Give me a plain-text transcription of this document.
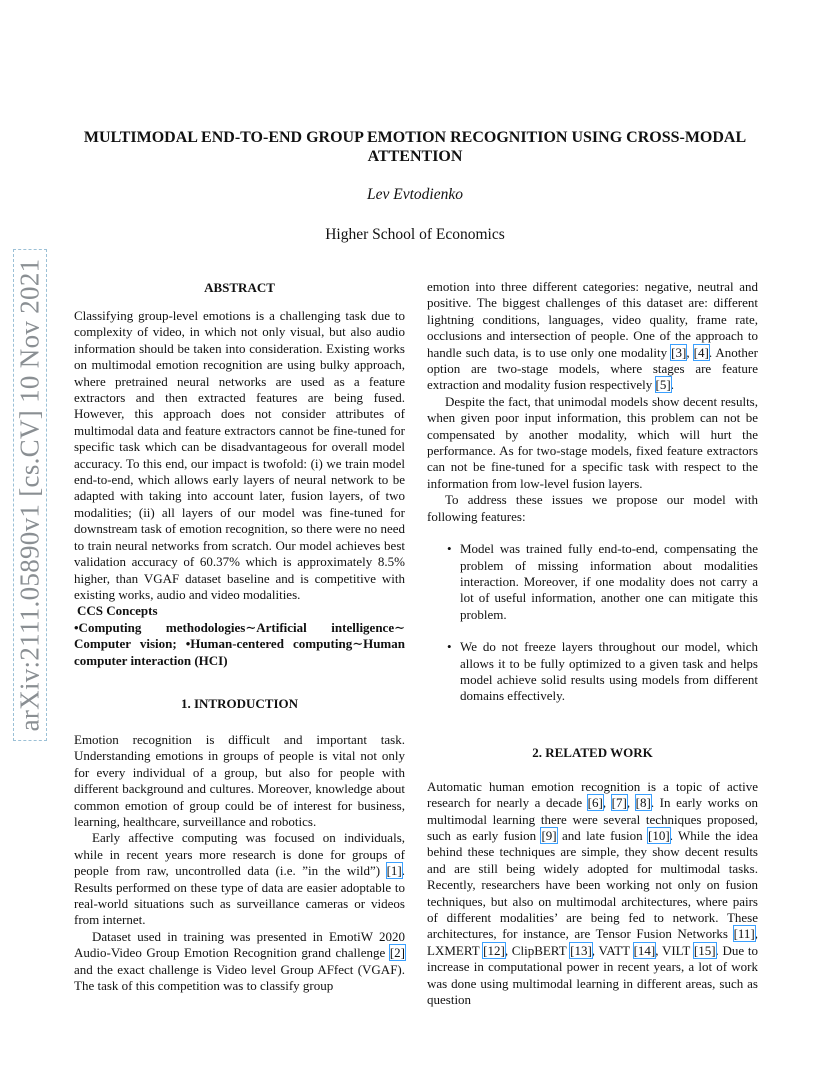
arXiv:2111.05890v1 [cs.CV] 10 Nov 2021
MULTIMODAL END-TO-END GROUP EMOTION RECOGNITION USING CROSS-MODAL ATTENTION
Lev Evtodienko
Higher School of Economics
ABSTRACT

Classifying group-level emotions is a challenging task due to complexity of video, in which not only visual, but also audio information should be taken into consideration. Existing works on multimodal emotion recognition are using bulky approach, where pretrained neural networks are used as a feature extractors and then extracted features are being fused. However, this approach does not consider attributes of multimodal data and feature extractors cannot be fine-tuned for specific task which can be disadvantageous for overall model accuracy. To this end, our impact is twofold: (i) we train model end-to-end, which allows early layers of neural network to be adapted with taking into account later, fusion layers, of two modalities; (ii) all layers of our model was fine-tuned for downstream task of emotion recognition, so there were no need to train neural networks from scratch. Our model achieves best validation accuracy of 60.37% which is approximately 8.5% higher, than VGAF dataset baseline and is competitive with existing works, audio and video modalities.

CCS Concepts

•Computing methodologies∼Artificial intelligence∼ Computer vision; •Human-centered computing∼Human computer interaction (HCI)

1. INTRODUCTION

Emotion recognition is difficult and important task. Understanding emotions in groups of people is vital not only for every individual of a group, but also for people with different background and cultures. Moreover, knowledge about common emotion of group could be of interest for business, learning, healthcare, surveillance and robotics.

Early affective computing was focused on individuals, while in recent years more research is done for groups of people from raw, uncontrolled data (i.e. ”in the wild”) [1]. Results performed on these type of data are easier adoptable to real-world situations such as surveillance cameras or videos from internet.

Dataset used in training was presented in EmotiW 2020 Audio-Video Group Emotion Recognition grand challenge [2] and the exact challenge is Video level Group AFfect (VGAF). The task of this competition was to classify group

emotion into three different categories: negative, neutral and positive. The biggest challenges of this dataset are: different lightning conditions, languages, video quality, frame rate, occlusions and intersection of people. One of the approach to handle such data, is to use only one modality [3], [4]. Another option are two-stage models, where stages are feature extraction and modality fusion respectively [5].

Despite the fact, that unimodal models show decent results, when given poor input information, this problem can not be compensated by another modality, which will hurt the performance. As for two-stage models, fixed feature extractors can not be fine-tuned for a specific task with respect to the information from low-level fusion layers.

To address these issues we propose our model with following features:

• Model was trained fully end-to-end, compensating the problem of missing information about modalities interaction. Moreover, if one modality does not carry a lot of useful information, another one can mitigate this problem.
• We do not freeze layers throughout our model, which allows it to be fully optimized to a given task and helps model achieve solid results using models from different domains effectively.
2. RELATED WORK

Automatic human emotion recognition is a topic of active research for nearly a decade [6], [7], [8]. In early works on multimodal learning there were several techniques proposed, such as early fusion [9] and late fusion [10]. While the idea behind these techniques are simple, they show decent results and are still being widely adopted for multimodal tasks. Recently, researchers have been working not only on fusion techniques, but also on multimodal architectures, where pairs of different modalities’ are being fed to network. These architectures, for instance, are Tensor Fusion Networks [11], LXMERT [12], ClipBERT [13], VATT [14], VILT [15]. Due to increase in computational power in recent years, a lot of work was done using multimodal learning in different areas, such as question
